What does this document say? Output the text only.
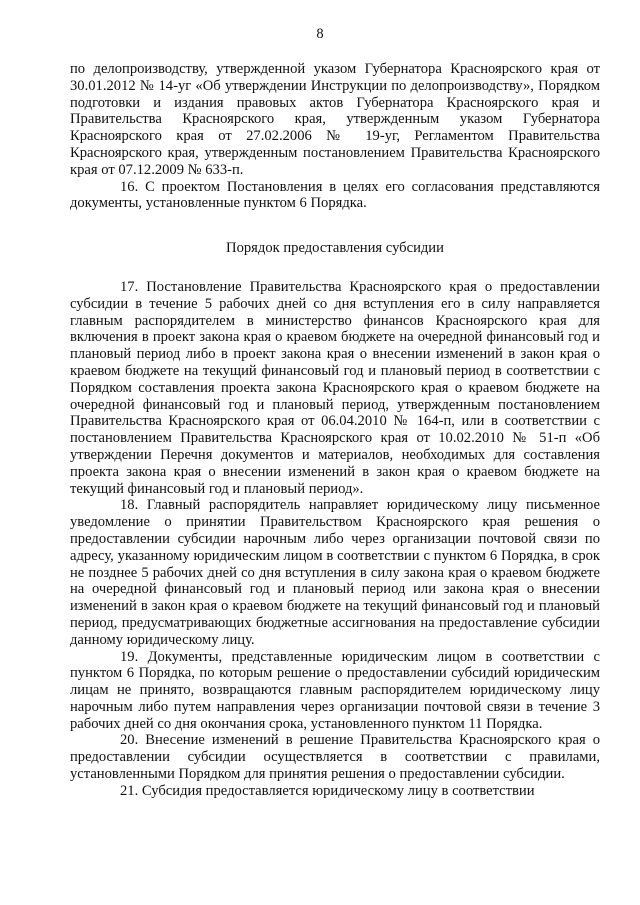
8

по делопроизводству, утвержденной указом Губернатора Красноярского края от 30.01.2012 № 14-уг «Об утверждении Инструкции по делопроизводству», Порядком подготовки и издания правовых актов Губернатора Красноярского края и Правительства Красноярского края, утвержденным указом Губернатора Красноярского края от 27.02.2006 № 19-уг, Регламентом Правительства Красноярского края, утвержденным постановлением Правительства Красноярского края от 07.12.2009 № 633-п.

16. С проектом Постановления в целях его согласования представляются документы, установленные пунктом 6 Порядка.

Порядок предоставления субсидии

17. Постановление Правительства Красноярского края о предоставлении субсидии в течение 5 рабочих дней со дня вступления его в силу направляется главным распорядителем в министерство финансов Красноярского края для включения в проект закона края о краевом бюджете на очередной финансовый год и плановый период либо в проект закона края о внесении изменений в закон края о краевом бюджете на текущий финансовый год и плановый период в соответствии с Порядком составления проекта закона Красноярского края о краевом бюджете на очередной финансовый год и плановый период, утвержденным постановлением Правительства Красноярского края от 06.04.2010 № 164-п, или в соответствии с постановлением Правительства Красноярского края от 10.02.2010 № 51-п «Об утверждении Перечня документов и материалов, необходимых для составления проекта закона края о внесении изменений в закон края о краевом бюджете на текущий финансовый год и плановый период».

18. Главный распорядитель направляет юридическому лицу письменное уведомление о принятии Правительством Красноярского края решения о предоставлении субсидии нарочным либо через организации почтовой связи по адресу, указанному юридическим лицом в соответствии с пунктом 6 Порядка, в срок не позднее 5 рабочих дней со дня вступления в силу закона края о краевом бюджете на очередной финансовый год и плановый период или закона края о внесении изменений в закон края о краевом бюджете на текущий финансовый год и плановый период, предусматривающих бюджетные ассигнования на предоставление субсидии данному юридическому лицу.

19. Документы, представленные юридическим лицом в соответствии с пунктом 6 Порядка, по которым решение о предоставлении субсидий юридическим лицам не принято, возвращаются главным распорядителем юридическому лицу нарочным либо путем направления через организации почтовой связи в течение 3 рабочих дней со дня окончания срока, установленного пунктом 11 Порядка.

20. Внесение изменений в решение Правительства Красноярского края о предоставлении субсидии осуществляется в соответствии с правилами, установленными Порядком для принятия решения о предоставлении субсидии.

21. Субсидия предоставляется юридическому лицу в соответствии
